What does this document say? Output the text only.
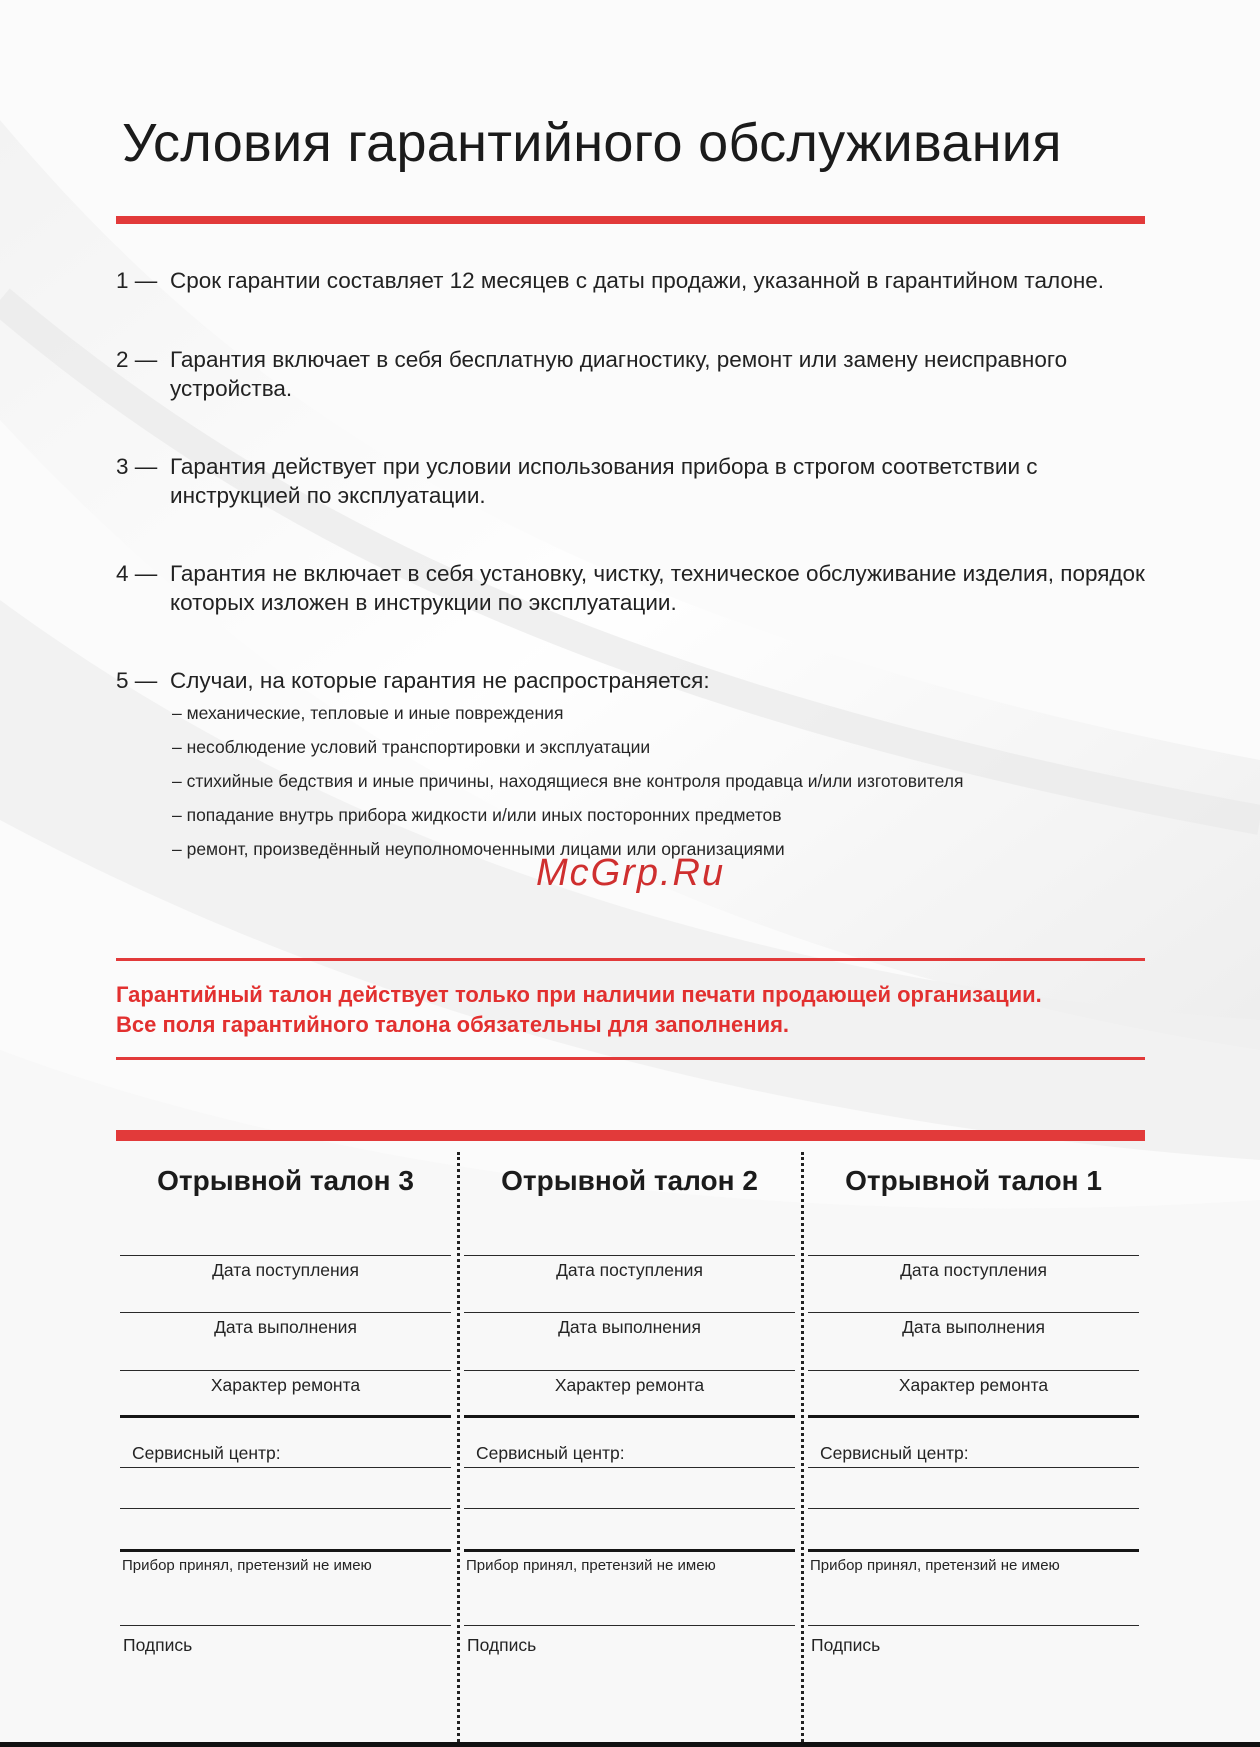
Условия гарантийного обслуживания
1 — Срок гарантии составляет 12 месяцев с даты продажи, указанной в гарантийном талоне.
2 — Гарантия включает в себя бесплатную диагностику, ремонт или замену неисправного устройства.
3 — Гарантия действует при условии использования прибора в строгом соответствии с инструкцией по эксплуатации.
4 — Гарантия не включает в себя установку, чистку, техническое обслуживание изделия, порядок которых изложен в инструкции по эксплуатации.
5 — Случаи, на которые гарантия не распространяется:
– механические, тепловые и иные повреждения
– несоблюдение условий транспортировки и эксплуатации
– стихийные бедствия и иные причины, находящиеся вне контроля продавца и/или изготовителя
– попадание внутрь прибора жидкости и/или иных посторонних предметов
– ремонт, произведённый неуполномоченными лицами или организациями
McGrp.Ru

Гарантийный талон действует только при наличии печати продающей организации.
Все поля гарантийного талона обязательны для заполнения.

Отрывной талон 3
Дата поступления
Дата выполнения
Характер ремонта
Сервисный центр:
Прибор принял, претензий не имею
Подпись
Отрывной талон 2
Дата поступления
Дата выполнения
Характер ремонта
Сервисный центр:
Прибор принял, претензий не имею
Подпись
Отрывной талон 1
Дата поступления
Дата выполнения
Характер ремонта
Сервисный центр:
Прибор принял, претензий не имею
Подпись
